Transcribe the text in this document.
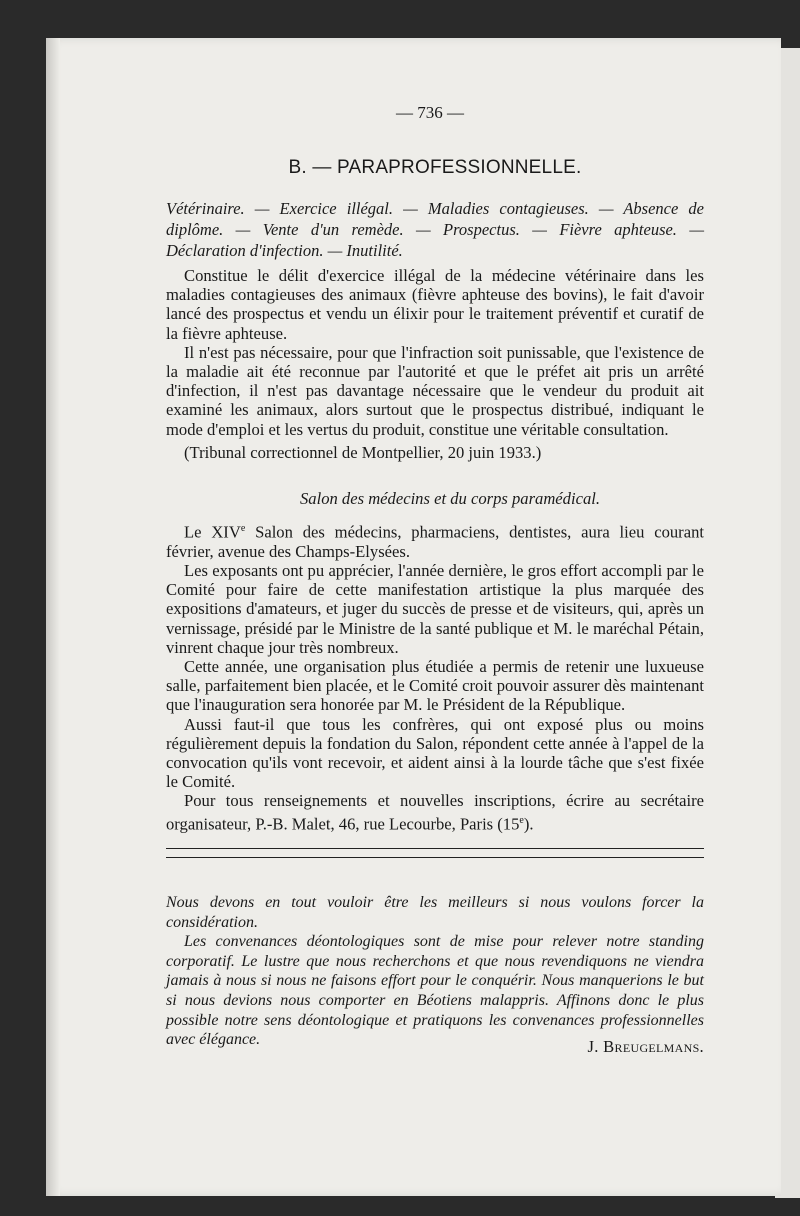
— 736 —
B. — PARAPROFESSIONNELLE.
Vétérinaire. — Exercice illégal. — Maladies contagieuses. — Absence de diplôme. — Vente d'un remède. — Prospectus. — Fièvre aphteuse. — Déclaration d'infection. — Inutilité.

Constitue le délit d'exercice illégal de la médecine vétérinaire dans les maladies contagieuses des animaux (fièvre aphteuse des bovins), le fait d'avoir lancé des prospectus et vendu un élixir pour le traitement préventif et curatif de la fièvre aphteuse.

Il n'est pas nécessaire, pour que l'infraction soit punissable, que l'existence de la maladie ait été reconnue par l'autorité et que le préfet ait pris un arrêté d'infection, il n'est pas davantage nécessaire que le vendeur du produit ait examiné les animaux, alors surtout que le prospectus distribué, indiquant le mode d'emploi et les vertus du produit, constitue une véritable consultation.

(Tribunal correctionnel de Montpellier, 20 juin 1933.)

Salon des médecins et du corps paramédical.

Le XIVe Salon des médecins, pharmaciens, dentistes, aura lieu courant février, avenue des Champs-Elysées.

Les exposants ont pu apprécier, l'année dernière, le gros effort accompli par le Comité pour faire de cette manifestation artistique la plus marquée des expositions d'amateurs, et juger du succès de presse et de visiteurs, qui, après un vernissage, présidé par le Ministre de la santé publique et M. le maréchal Pétain, vinrent chaque jour très nombreux.

Cette année, une organisation plus étudiée a permis de retenir une luxueuse salle, parfaitement bien placée, et le Comité croit pouvoir assurer dès maintenant que l'inauguration sera honorée par M. le Président de la République.

Aussi faut-il que tous les confrères, qui ont exposé plus ou moins régulièrement depuis la fondation du Salon, répondent cette année à l'appel de la convocation qu'ils vont recevoir, et aident ainsi à la lourde tâche que s'est fixée le Comité.

Pour tous renseignements et nouvelles inscriptions, écrire au secrétaire organisateur, P.-B. Malet, 46, rue Lecourbe, Paris (15e).

Nous devons en tout vouloir être les meilleurs si nous voulons forcer la considération.

Les convenances déontologiques sont de mise pour relever notre standing corporatif. Le lustre que nous recherchons et que nous revendiquons ne viendra jamais à nous si nous ne faisons effort pour le conquérir. Nous manquerions le but si nous devions nous comporter en Béotiens malappris. Affinons donc le plus possible notre sens déontologique et pratiquons les convenances professionnelles avec élégance.	J. Breugelmans.
